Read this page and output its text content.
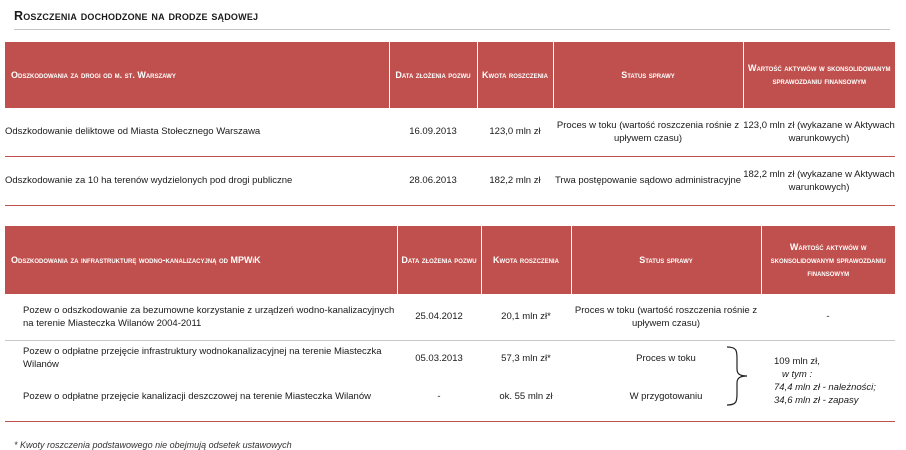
Roszczenia dochodzone na drodze sądowej
Odszkodowania za drogi od m. st. Warszawy	Data złożenia pozwu	Kwota roszczenia	Status sprawy	Wartość aktywów w skonsolidowanym sprawozdaniu finansowym
Odszkodowanie deliktowe od Miasta Stołecznego Warszawa	16.09.2013	123,0 mln zł	Proces w toku (wartość roszczenia rośnie z upływem czasu)	123,0 mln zł (wykazane w Aktywach warunkowych)
Odszkodowanie za 10 ha terenów wydzielonych pod drogi publiczne	28.06.2013	182,2 mln zł	Trwa postępowanie sądowo administracyjne	182,2 mln zł (wykazane w Aktywach warunkowych)
Odszkodowania za infrastrukturę wodno-kanalizacyjną od MPWiK	Data złożenia pozwu	Kwota roszczenia	Status sprawy	Wartość aktywów w skonsolidowanym sprawozdaniu finansowym
Pozew o odszkodowanie za bezumowne korzystanie z urządzeń wodno-kanalizacyjnych na terenie Miasteczka Wilanów 2004-2011	25.04.2012	20,1 mln zł*	Proces w toku (wartość roszczenia rośnie z upływem czasu)	-
Pozew o odpłatne przejęcie infrastruktury wodnokanalizacyjnej na terenie Miasteczka Wilanów	05.03.2013	57,3 mln zł*	Proces w toku	
Pozew o odpłatne przejęcie kanalizacji deszczowej na terenie Miasteczka Wilanów	-	ok. 55 mln zł	W przygotowaniu	
109 mln zł,
w tym :
74,4 mln zł - należności;
34,6 mln zł - zapasy
* Kwoty roszczenia podstawowego nie obejmują odsetek ustawowych
